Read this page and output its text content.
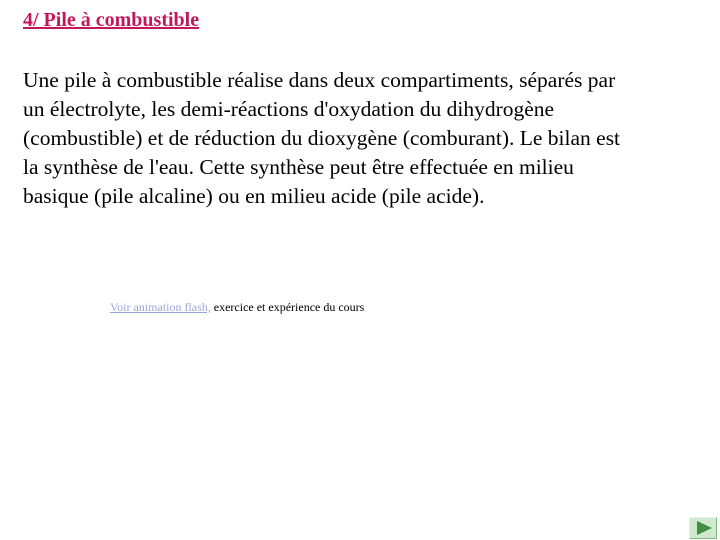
4/ Pile à combustible

Une pile à combustible réalise dans deux compartiments, séparés par
un électrolyte, les demi-réactions d'oxydation du dihydrogène
(combustible) et de réduction du dioxygène (comburant). Le bilan est
la synthèse de l'eau. Cette synthèse peut être effectuée en milieu
basique (pile alcaline) ou en milieu acide (pile acide).

Voir animation flash, exercice et expérience du cours
